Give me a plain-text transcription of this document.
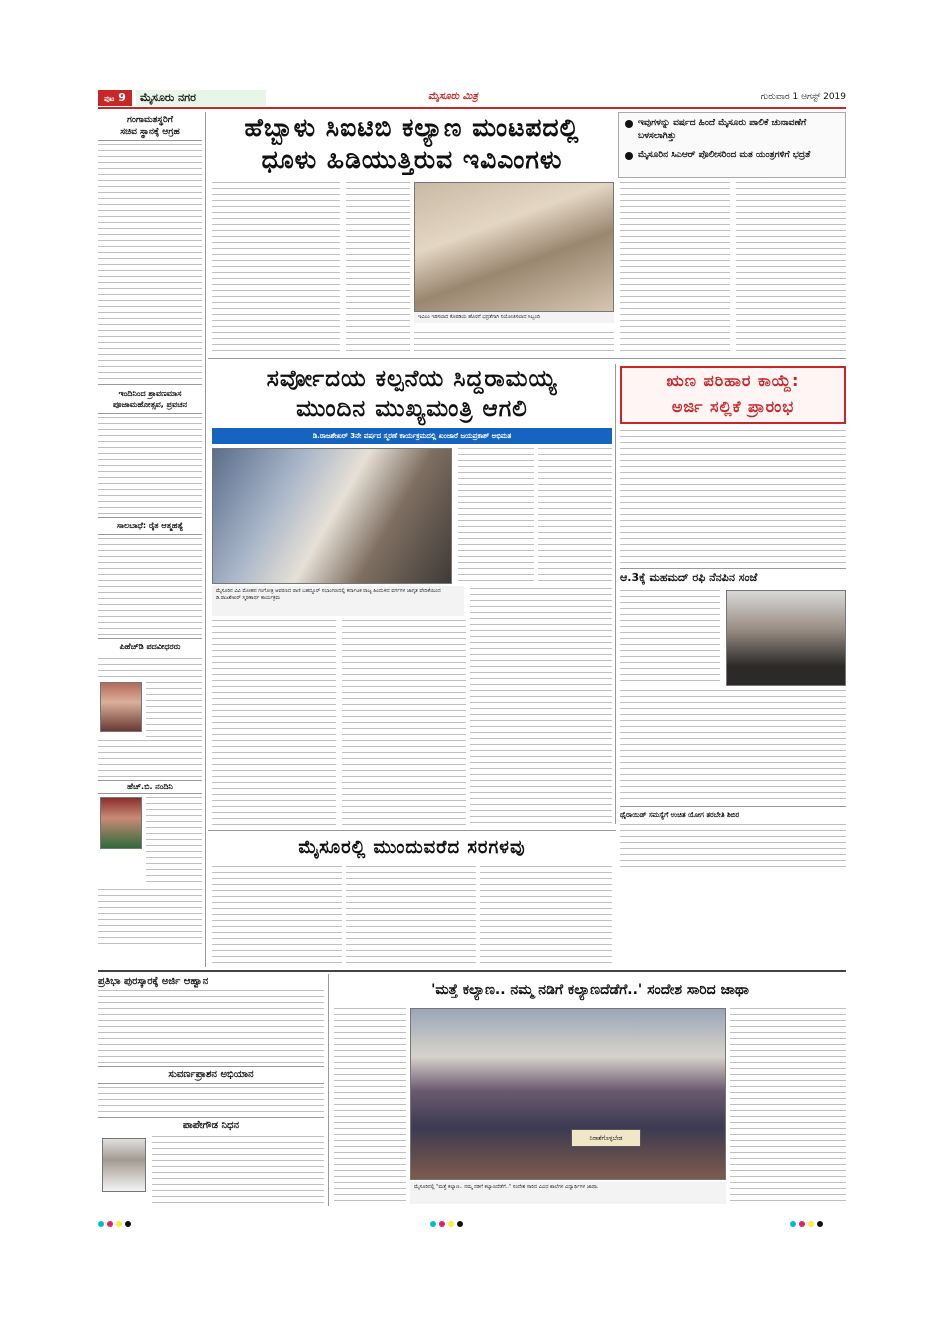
ಪುಟ 9	ಮೈಸೂರು ನಗರ	ಮೈಸೂರು ಮಿತ್ರ	ಗುರುವಾರ 1 ಆಗಸ್ಟ್ 2019
ಗಂಗಾಮತಸ್ಥರಿಗೆ
ಸಚಿವ ಸ್ಥಾನಕ್ಕೆ ಆಗ್ರಹ
ಇಂದಿನಿಂದ ಶ್ರಾವಣಮಾಸ
ಪೂಜಾಮಹೋತ್ಸವ, ಪ್ರವಚನ
ಸಾಲಬಾಧೆ: ರೈತ ಆತ್ಮಹತ್ಯೆ
ಪಿಹೆಚ್‌ಡಿ ಪದವೀಧರರು
ಹೆಚ್.ಬಿ. ನಂದಿನಿ
ಹೆಬ್ಬಾಳು ಸಿಐಟಿಬಿ ಕಲ್ಯಾಣ ಮಂಟಪದಲ್ಲಿ
ಧೂಳು ಹಿಡಿಯುತ್ತಿರುವ ಇವಿಎಂಗಳು
ಇವುಗಳನ್ನು ವರ್ಷದ ಹಿಂದೆ ಮೈಸೂರು ಪಾಲಿಕೆ ಚುನಾವಣೆಗೆ ಬಳಸಲಾಗಿತ್ತು
ಮೈಸೂರಿನ ಸಿಎಆರ್ ಪೊಲೀಸರಿಂದ ಮತ ಯಂತ್ರಗಳಿಗೆ ಭದ್ರತೆ
ಇವಿಎಂ ಇರಿಸಲಾದ ಕೊಠಡಿಯ ಹೊರಗೆ ಭದ್ರತೆಗಾಗಿ ನಿಯೋಜಿಸಲಾದ ಸಿಬ್ಬಂದಿ
ಸರ್ವೋದಯ ಕಲ್ಪನೆಯ ಸಿದ್ದರಾಮಯ್ಯ
ಮುಂದಿನ ಮುಖ್ಯಮಂತ್ರಿ ಆಗಲಿ
ಡಿ.ರಾಜಶೇಖರ್ 3ನೇ ವರ್ಷದ ಸ್ಮರಣೆ ಕಾರ್ಯಕ್ರಮದಲ್ಲಿ ಖಂಜಾರೆ ಜಯಪ್ರಕಾಶ್ ಅಭಿಮತ
ಮೈಸೂರಿನ ವಿವಿ ಮೋಹನ ಗಂಗೋತ್ರಿ ಆವರಣದ ರಾಣಿ ಬಹದ್ದೂರ್ ಸಭಾಂಗಣದಲ್ಲಿ ಕರ್ನಾಟಕ ರಾಜ್ಯ ಹಿಂದುಳಿದ ವರ್ಗಗಳ ಜಾಗೃತ ವೇದಿಕೆಯಿಂದ ಡಿ.ರಾಜಶೇಖರ್ ಸ್ಮರಣಾರ್ಥ ಕಾರ್ಯಕ್ರಮ
ಋಣ ಪರಿಹಾರ ಕಾಯ್ದೆ:
ಅರ್ಜಿ ಸಲ್ಲಿಕೆ ಪ್ರಾರಂಭ
ಆ.3ಕ್ಕೆ ಮಹಮದ್ ರಫಿ ನೆನಪಿನ ಸಂಜೆ
ಥೈರಾಯಿಡ್ ಸಮಸ್ಯೆಗೆ ಉಚಿತ ಯೋಗ ತರಬೇತಿ ಶಿಬಿರ
ಮೈಸೂರಲ್ಲಿ ಮುಂದುವರೆದ ಸರಗಳವು
ಪ್ರತಿಭಾ ಪುರಸ್ಕಾರಕ್ಕೆ ಅರ್ಜಿ ಆಹ್ವಾನ
ಸುವರ್ಣಪ್ರಾಶನ ಅಭಿಯಾನ
ಪಾಪೇಗೌಡ ನಿಧನ
'ಮತ್ತೆ ಕಲ್ಯಾಣ.. ನಮ್ಮ ನಡಿಗೆ ಕಲ್ಯಾಣದೆಡೆಗೆ..' ಸಂದೇಶ ಸಾರಿದ ಜಾಥಾ
ನಿರಾಶೆಗೊಳ್ಳಬೇಡ
ಮೈಸೂರಿನಲ್ಲಿ "ಮತ್ತೆ ಕಲ್ಯಾಣ.. ನಮ್ಮ ನಡಿಗೆ ಕಲ್ಯಾಣದೆಡೆಗೆ.." ಸಂದೇಶ ಸಾರಿದ ವಿವಿಧ ಶಾಲೆಗಳ ವಿದ್ಯಾರ್ಥಿಗಳ ಜಾಥಾ.
